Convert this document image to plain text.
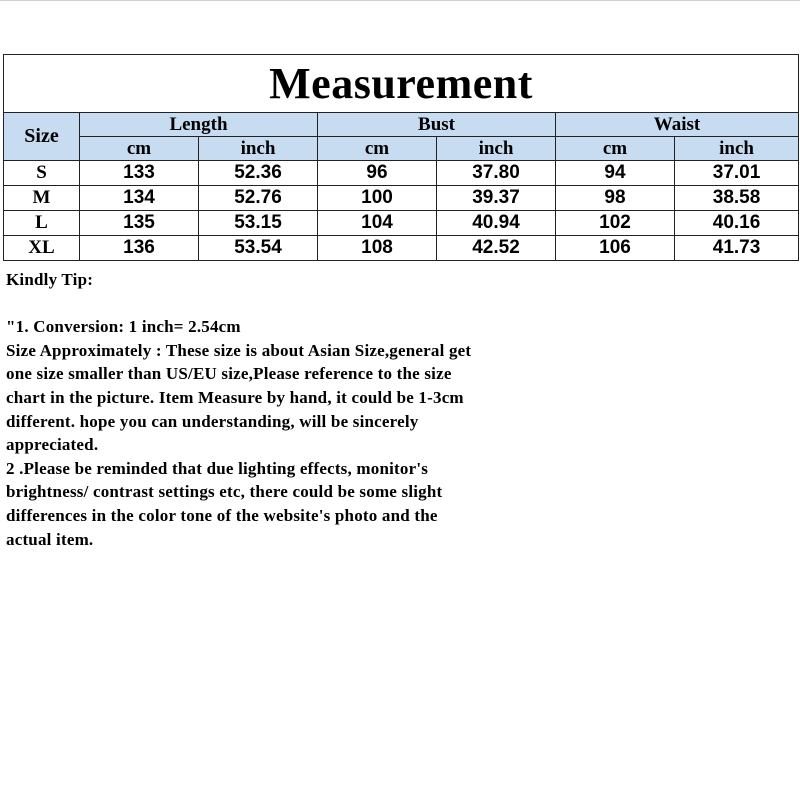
Measurement						
Size	Length		Bust		Waist	
	cm	inch	cm	inch	cm	inch
S	133	52.36	96	37.80	94	37.01
M	134	52.76	100	39.37	98	38.58
L	135	53.15	104	40.94	102	40.16
XL	136	53.54	108	42.52	106	41.73

Kindly Tip:

"1. Conversion: 1 inch= 2.54cm

Size Approximately : These size is about Asian Size,general get

one size smaller than US/EU size,Please reference to the size

chart in the picture. Item Measure by hand, it could be 1-3cm

different. hope you can understanding, will be sincerely

appreciated.

2 .Please be reminded that due lighting effects, monitor's

brightness/ contrast settings etc, there could be some slight

differences in the color tone of the website's photo and the

actual item.
